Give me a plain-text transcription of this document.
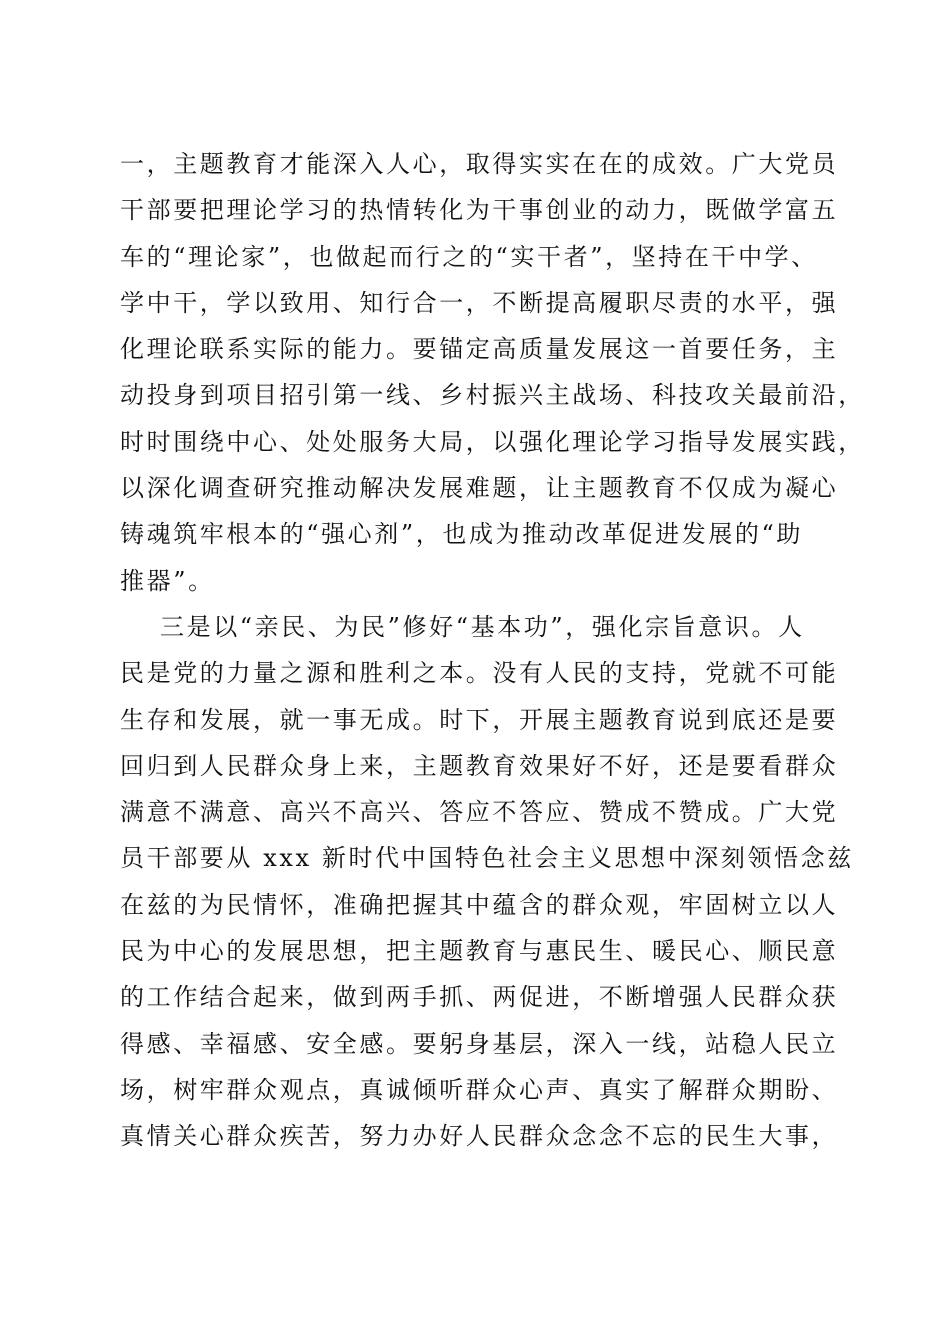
一，主题教育才能深入人心，取得实实在在的成效。广大党员
干部要把理论学习的热情转化为干事创业的动力，既做学富五
车的“理论家”，也做起而行之的“实干者”，坚持在干中学、
学中干，学以致用、知行合一，不断提高履职尽责的水平，强
化理论联系实际的能力。要锚定高质量发展这一首要任务，主
动投身到项目招引第一线、乡村振兴主战场、科技攻关最前沿，
时时围绕中心、处处服务大局，以强化理论学习指导发展实践，
以深化调查研究推动解决发展难题，让主题教育不仅成为凝心
铸魂筑牢根本的“强心剂”，也成为推动改革促进发展的“助
推器”。
三是以“亲民、为民”修好“基本功”，强化宗旨意识。人
民是党的力量之源和胜利之本。没有人民的支持，党就不可能
生存和发展，就一事无成。时下，开展主题教育说到底还是要
回归到人民群众身上来，主题教育效果好不好，还是要看群众
满意不满意、高兴不高兴、答应不答应、赞成不赞成。广大党
员干部要从 xxx 新时代中国特色社会主义思想中深刻领悟念兹
在兹的为民情怀，准确把握其中蕴含的群众观，牢固树立以人
民为中心的发展思想，把主题教育与惠民生、暖民心、顺民意
的工作结合起来，做到两手抓、两促进，不断增强人民群众获
得感、幸福感、安全感。要躬身基层，深入一线，站稳人民立
场，树牢群众观点，真诚倾听群众心声、真实了解群众期盼、
真情关心群众疾苦，努力办好人民群众念念不忘的民生大事，
